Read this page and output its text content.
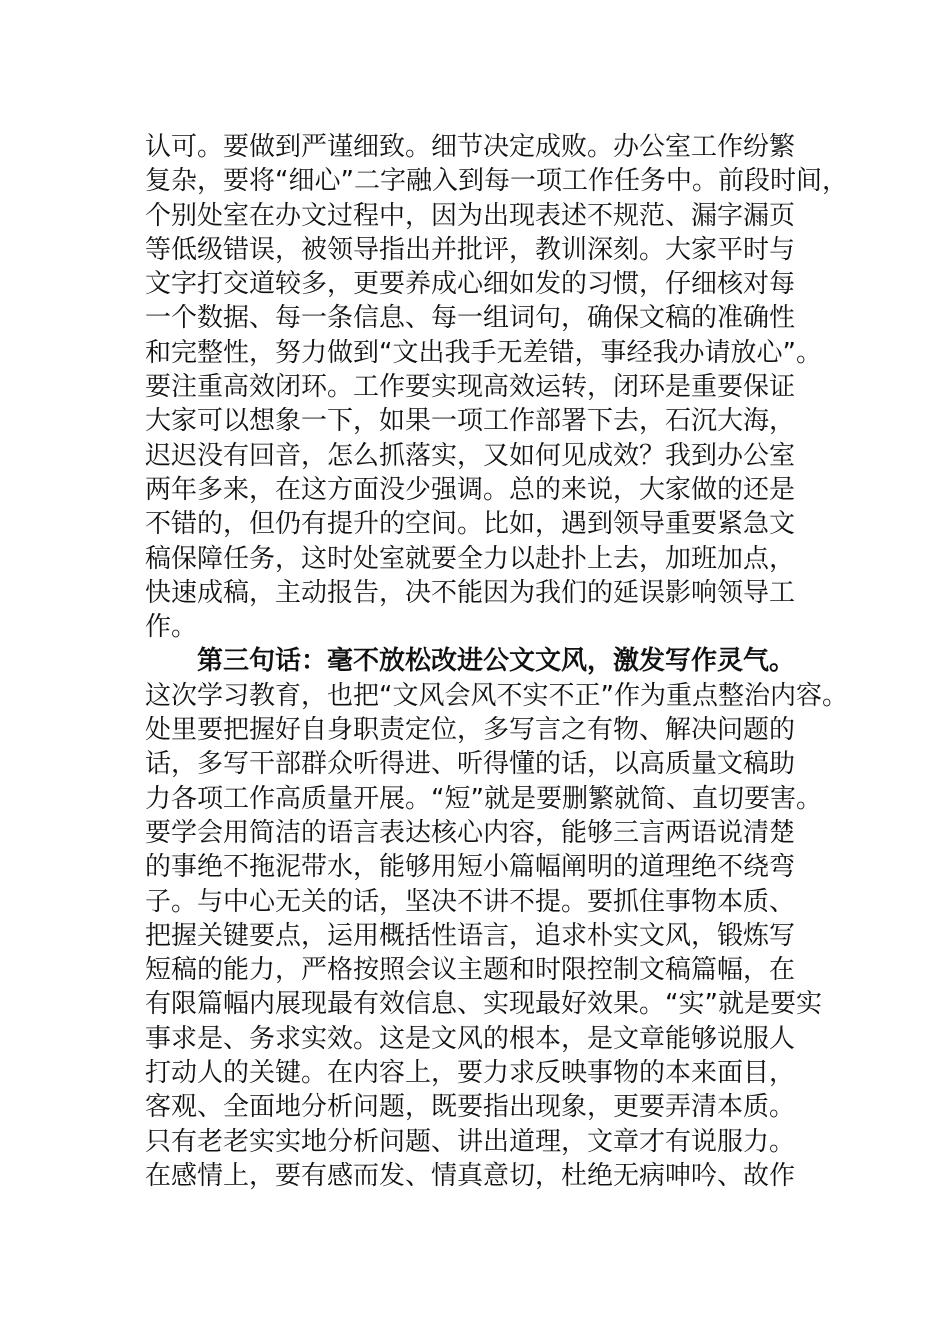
认可。要做到严谨细致。细节决定成败。办公室工作纷繁
复杂，要将“细心”二字融入到每一项工作任务中。前段时间，
个别处室在办文过程中，因为出现表述不规范、漏字漏页
等低级错误，被领导指出并批评，教训深刻。大家平时与
文字打交道较多，更要养成心细如发的习惯，仔细核对每
一个数据、每一条信息、每一组词句，确保文稿的准确性
和完整性，努力做到“文出我手无差错，事经我办请放心”。
要注重高效闭环。工作要实现高效运转，闭环是重要保证
大家可以想象一下，如果一项工作部署下去，石沉大海，
迟迟没有回音，怎么抓落实，又如何见成效？我到办公室
两年多来，在这方面没少强调。总的来说，大家做的还是
不错的，但仍有提升的空间。比如，遇到领导重要紧急文
稿保障任务，这时处室就要全力以赴扑上去，加班加点，
快速成稿，主动报告，决不能因为我们的延误影响领导工
作。
第三句话：毫不放松改进公文文风，激发写作灵气。
这次学习教育，也把“文风会风不实不正”作为重点整治内容。
处里要把握好自身职责定位，多写言之有物、解决问题的
话，多写干部群众听得进、听得懂的话，以高质量文稿助
力各项工作高质量开展。“短”就是要删繁就简、直切要害。
要学会用简洁的语言表达核心内容，能够三言两语说清楚
的事绝不拖泥带水，能够用短小篇幅阐明的道理绝不绕弯
子。与中心无关的话，坚决不讲不提。要抓住事物本质、
把握关键要点，运用概括性语言，追求朴实文风，锻炼写
短稿的能力，严格按照会议主题和时限控制文稿篇幅，在
有限篇幅内展现最有效信息、实现最好效果。“实”就是要实
事求是、务求实效。这是文风的根本，是文章能够说服人
打动人的关键。在内容上，要力求反映事物的本来面目，
客观、全面地分析问题，既要指出现象，更要弄清本质。
只有老老实实地分析问题、讲出道理，文章才有说服力。
在感情上，要有感而发、情真意切，杜绝无病呻吟、故作
